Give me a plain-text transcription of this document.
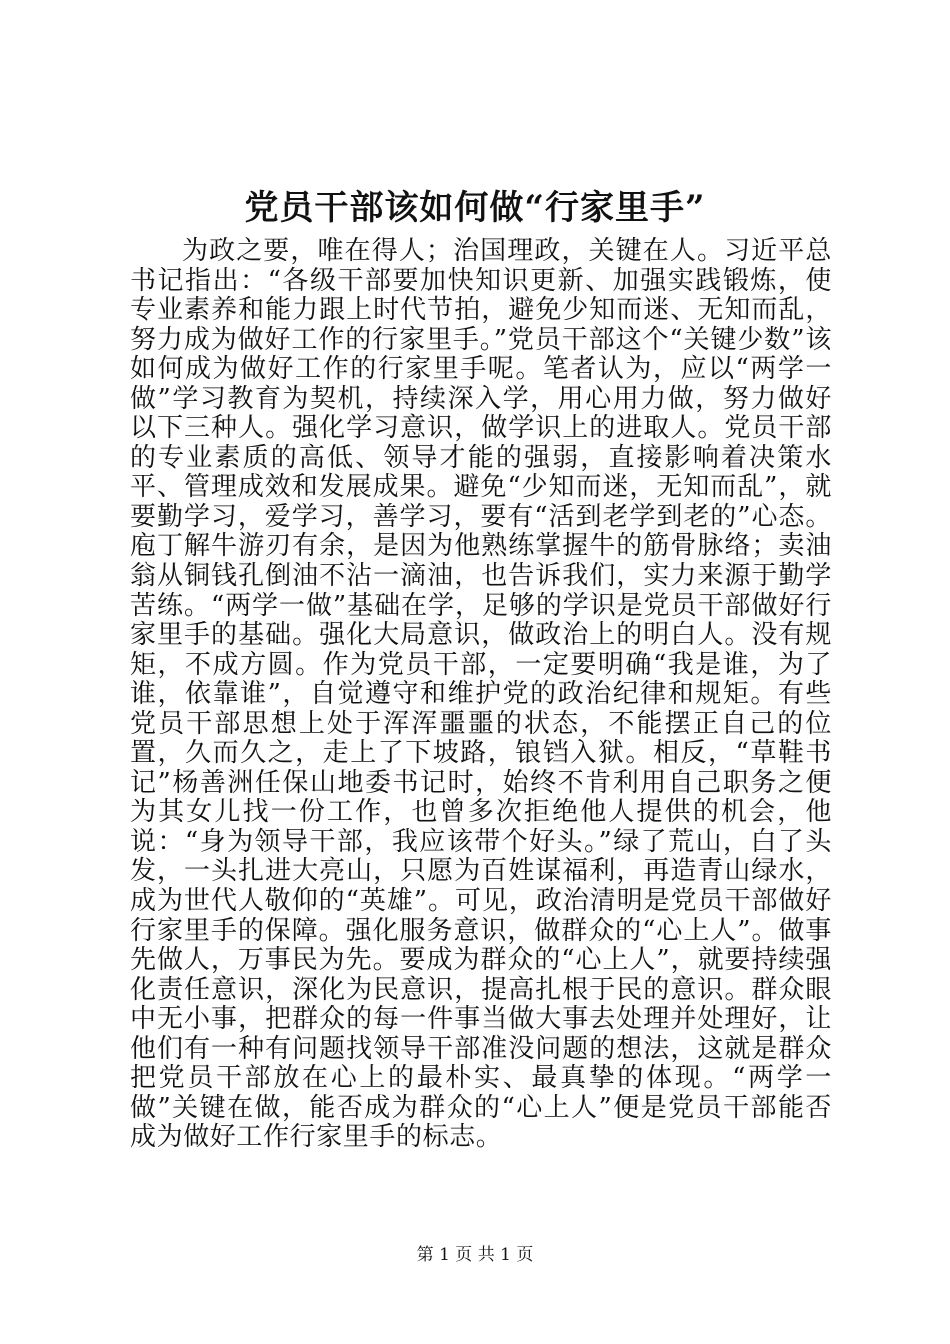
党员干部该如何做“行家里手”

为政之要，唯在得人；治国理政，关键在人。习近平总书记指出：“各级干部要加快知识更新、加强实践锻炼，使专业素养和能力跟上时代节拍，避免少知而迷、无知而乱，努力成为做好工作的行家里手。”党员干部这个“关键少数”该如何成为做好工作的行家里手呢。笔者认为，应以“两学一做”学习教育为契机，持续深入学，用心用力做，努力做好以下三种人。强化学习意识，做学识上的进取人。党员干部的专业素质的高低、领导才能的强弱，直接影响着决策水平、管理成效和发展成果。避免“少知而迷，无知而乱”，就要勤学习，爱学习，善学习，要有“活到老学到老的”心态。庖丁解牛游刃有余，是因为他熟练掌握牛的筋骨脉络；卖油翁从铜钱孔倒油不沾一滴油，也告诉我们，实力来源于勤学苦练。“两学一做”基础在学，足够的学识是党员干部做好行家里手的基础。强化大局意识，做政治上的明白人。没有规矩，不成方圆。作为党员干部，一定要明确“我是谁，为了谁，依靠谁”，自觉遵守和维护党的政治纪律和规矩。有些党员干部思想上处于浑浑噩噩的状态，不能摆正自己的位置，久而久之，走上了下坡路，锒铛入狱。相反，“草鞋书记”杨善洲任保山地委书记时，始终不肯利用自己职务之便为其女儿找一份工作，也曾多次拒绝他人提供的机会，他说：“身为领导干部，我应该带个好头。”绿了荒山，白了头发，一头扎进大亮山，只愿为百姓谋福利，再造青山绿水，成为世代人敬仰的“英雄”。可见，政治清明是党员干部做好行家里手的保障。强化服务意识，做群众的“心上人”。做事先做人，万事民为先。要成为群众的“心上人”，就要持续强化责任意识，深化为民意识，提高扎根于民的意识。群众眼中无小事，把群众的每一件事当做大事去处理并处理好，让他们有一种有问题找领导干部准没问题的想法，这就是群众把党员干部放在心上的最朴实、最真挚的体现。“两学一做”关键在做，能否成为群众的“心上人”便是党员干部能否成为做好工作行家里手的标志。

第 1 页 共 1 页
